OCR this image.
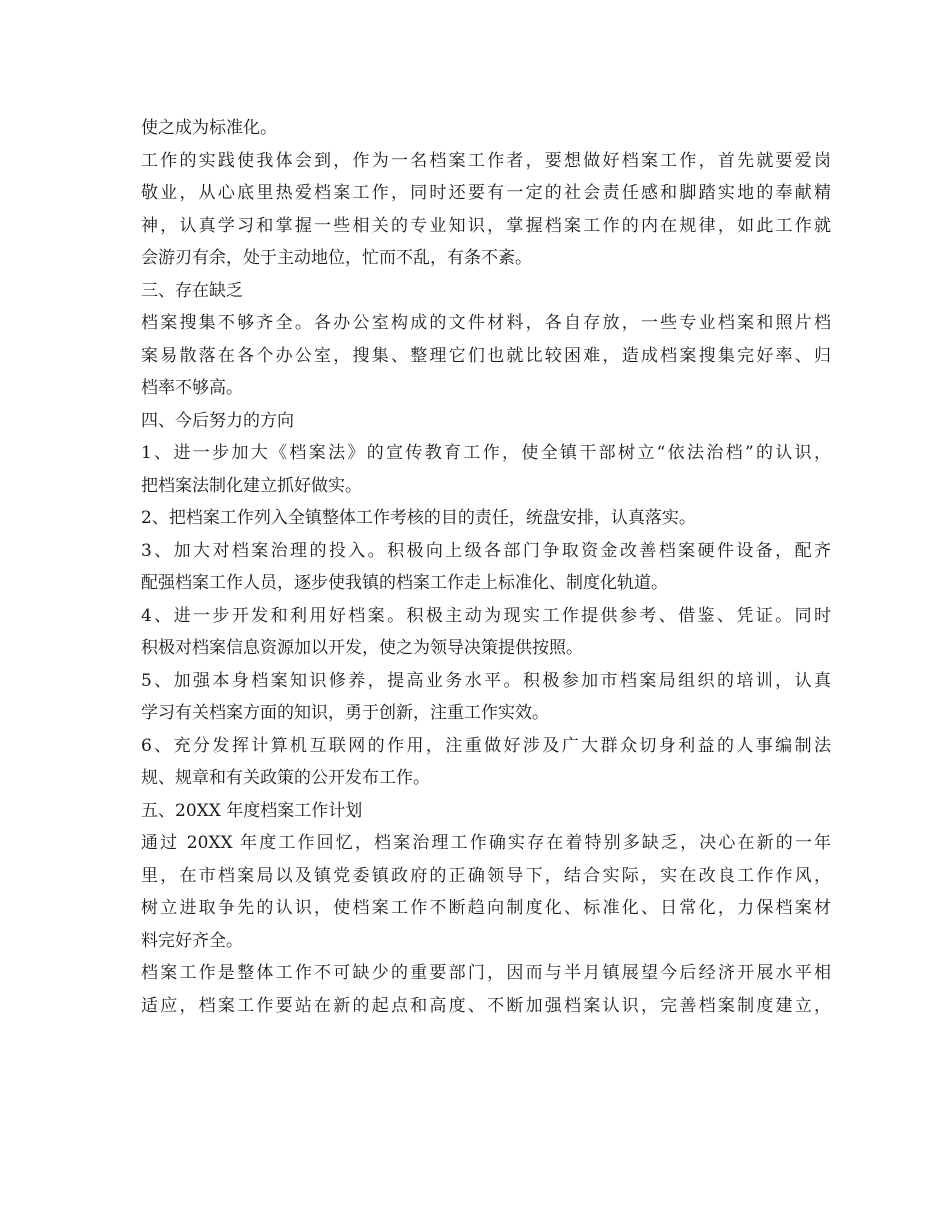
使之成为标准化。
工作的实践使我体会到，作为一名档案工作者，要想做好档案工作，首先就要爱岗
敬业，从心底里热爱档案工作，同时还要有一定的社会责任感和脚踏实地的奉献精
神，认真学习和掌握一些相关的专业知识，掌握档案工作的内在规律，如此工作就
会游刃有余，处于主动地位，忙而不乱，有条不紊。
三、存在缺乏
档案搜集不够齐全。各办公室构成的文件材料，各自存放，一些专业档案和照片档
案易散落在各个办公室，搜集、整理它们也就比较困难，造成档案搜集完好率、归
档率不够高。
四、今后努力的方向
1、进一步加大《档案法》的宣传教育工作，使全镇干部树立“依法治档”的认识，
把档案法制化建立抓好做实。
2、把档案工作列入全镇整体工作考核的目的责任，统盘安排，认真落实。
3、加大对档案治理的投入。积极向上级各部门争取资金改善档案硬件设备，配齐
配强档案工作人员，逐步使我镇的档案工作走上标准化、制度化轨道。
4、进一步开发和利用好档案。积极主动为现实工作提供参考、借鉴、凭证。同时
积极对档案信息资源加以开发，使之为领导决策提供按照。
5、加强本身档案知识修养，提高业务水平。积极参加市档案局组织的培训，认真
学习有关档案方面的知识，勇于创新，注重工作实效。
6、充分发挥计算机互联网的作用，注重做好涉及广大群众切身利益的人事编制法
规、规章和有关政策的公开发布工作。
五、20XX 年度档案工作计划
通过 20XX 年度工作回忆，档案治理工作确实存在着特别多缺乏，决心在新的一年
里，在市档案局以及镇党委镇政府的正确领导下，结合实际，实在改良工作作风，
树立进取争先的认识，使档案工作不断趋向制度化、标准化、日常化，力保档案材
料完好齐全。
档案工作是整体工作不可缺少的重要部门，因而与半月镇展望今后经济开展水平相
适应，档案工作要站在新的起点和高度、不断加强档案认识，完善档案制度建立，
